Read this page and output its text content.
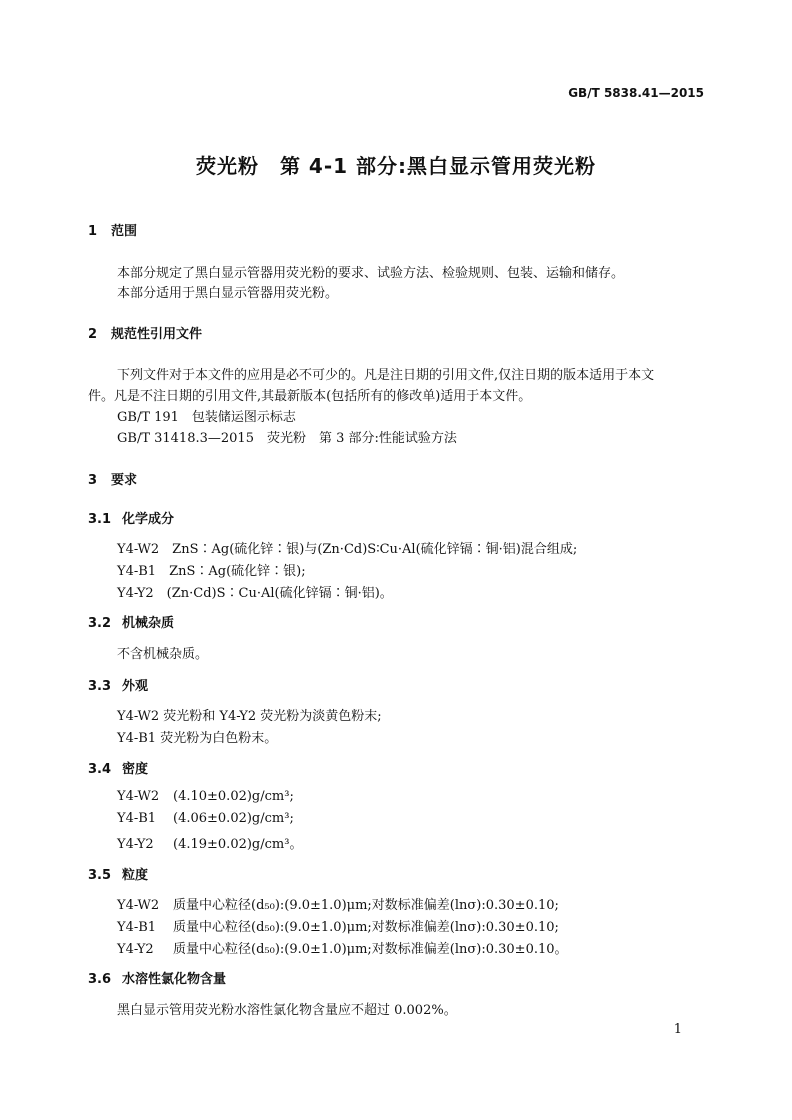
GB/T 5838.41—2015
荧光粉　第 4-1 部分:黑白显示管用荧光粉
1 范围
本部分规定了黑白显示管器用荧光粉的要求、试验方法、检验规则、包装、运输和储存。
本部分适用于黑白显示管器用荧光粉。
2 规范性引用文件
下列文件对于本文件的应用是必不可少的。凡是注日期的引用文件,仅注日期的版本适用于本文
件。凡是不注日期的引用文件,其最新版本(包括所有的修改单)适用于本文件。
GB/T 191　包装储运图示标志
GB/T 31418.3—2015　荧光粉　第 3 部分:性能试验方法
3 要求
3.1 化学成分
Y4-W2　ZnS∶Ag(硫化锌∶银)与(Zn·Cd)S∶Cu·Al(硫化锌镉∶铜·铝)混合组成;
Y4-B1　ZnS∶Ag(硫化锌∶银);
Y4-Y2　(Zn·Cd)S∶Cu·Al(硫化锌镉∶铜·铝)。
3.2 机械杂质
不含机械杂质。
3.3 外观
Y4-W2 荧光粉和 Y4-Y2 荧光粉为淡黄色粉末;
Y4-B1 荧光粉为白色粉末。
3.4 密度
Y4-W2 (4.10±0.02)g/cm³;
Y4-B1 (4.06±0.02)g/cm³;
Y4-Y2 (4.19±0.02)g/cm³。
3.5 粒度
Y4-W2 质量中心粒径(d₅₀):(9.0±1.0)μm;对数标准偏差(lnσ):0.30±0.10;
Y4-B1 质量中心粒径(d₅₀):(9.0±1.0)μm;对数标准偏差(lnσ):0.30±0.10;
Y4-Y2 质量中心粒径(d₅₀):(9.0±1.0)μm;对数标准偏差(lnσ):0.30±0.10。
3.6 水溶性氯化物含量
黑白显示管用荧光粉水溶性氯化物含量应不超过 0.002%。
1
